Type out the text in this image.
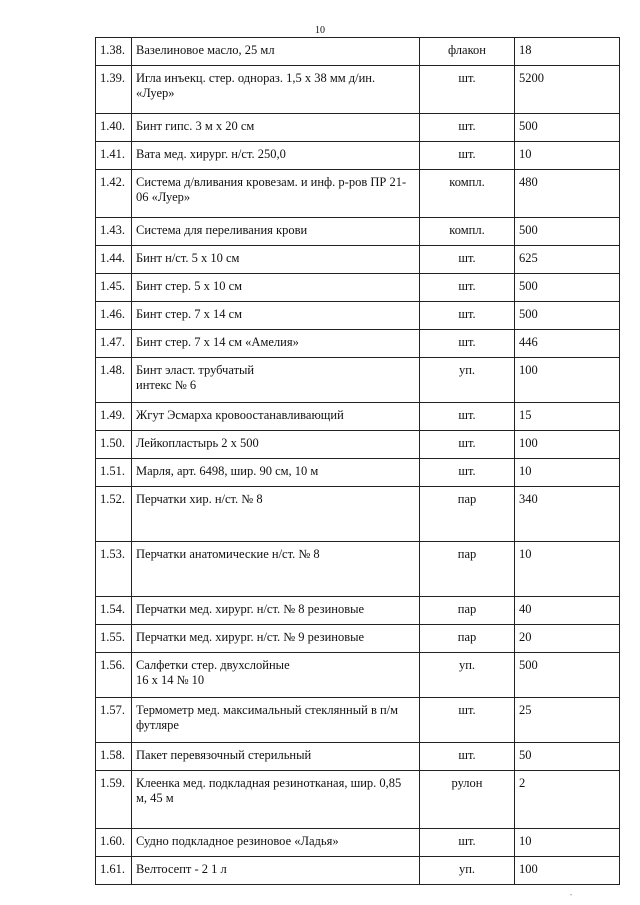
10
1.38.	Вазелиновое масло, 25 мл	флакон	18
1.39.	Игла инъекц. стер. однораз. 1,5 х 38 мм д/ин. «Луер»	шт.	5200
1.40.	Бинт гипс. 3 м х 20 см	шт.	500
1.41.	Вата мед. хирург. н/ст. 250,0	шт.	10
1.42.	Система д/вливания кровезам. и инф. р-ров ПР 21-06 «Луер»	компл.	480
1.43.	Система для переливания крови	компл.	500
1.44.	Бинт н/ст. 5 х 10 см	шт.	625
1.45.	Бинт стер. 5 х 10 см	шт.	500
1.46.	Бинт стер. 7 х 14 см	шт.	500
1.47.	Бинт стер. 7 х 14 см «Амелия»	шт.	446
1.48.	Бинт эласт. трубчатый
интекс № 6	уп.	100
1.49.	Жгут Эсмарха кровоостанавливающий	шт.	15
1.50.	Лейкопластырь 2 х 500	шт.	100
1.51.	Марля, арт. 6498, шир. 90 см, 10 м	шт.	10
1.52.	Перчатки хир. н/ст. № 8	пар	340
1.53.	Перчатки анатомические н/ст. № 8	пар	10
1.54.	Перчатки мед. хирург. н/ст. № 8 резиновые	пар	40
1.55.	Перчатки мед. хирург. н/ст. № 9 резиновые	пар	20
1.56.	Салфетки стер. двухслойные
16 х 14 № 10	уп.	500
1.57.	Термометр мед. максимальный стеклянный в п/м футляре	шт.	25
1.58.	Пакет перевязочный стерильный	шт.	50
1.59.	Клеенка мед. подкладная резинотканая, шир. 0,85 м, 45 м	рулон	2
1.60.	Судно подкладное резиновое «Ладья»	шт.	10
1.61.	Велтосепт - 2 1 л	уп.	100
•
